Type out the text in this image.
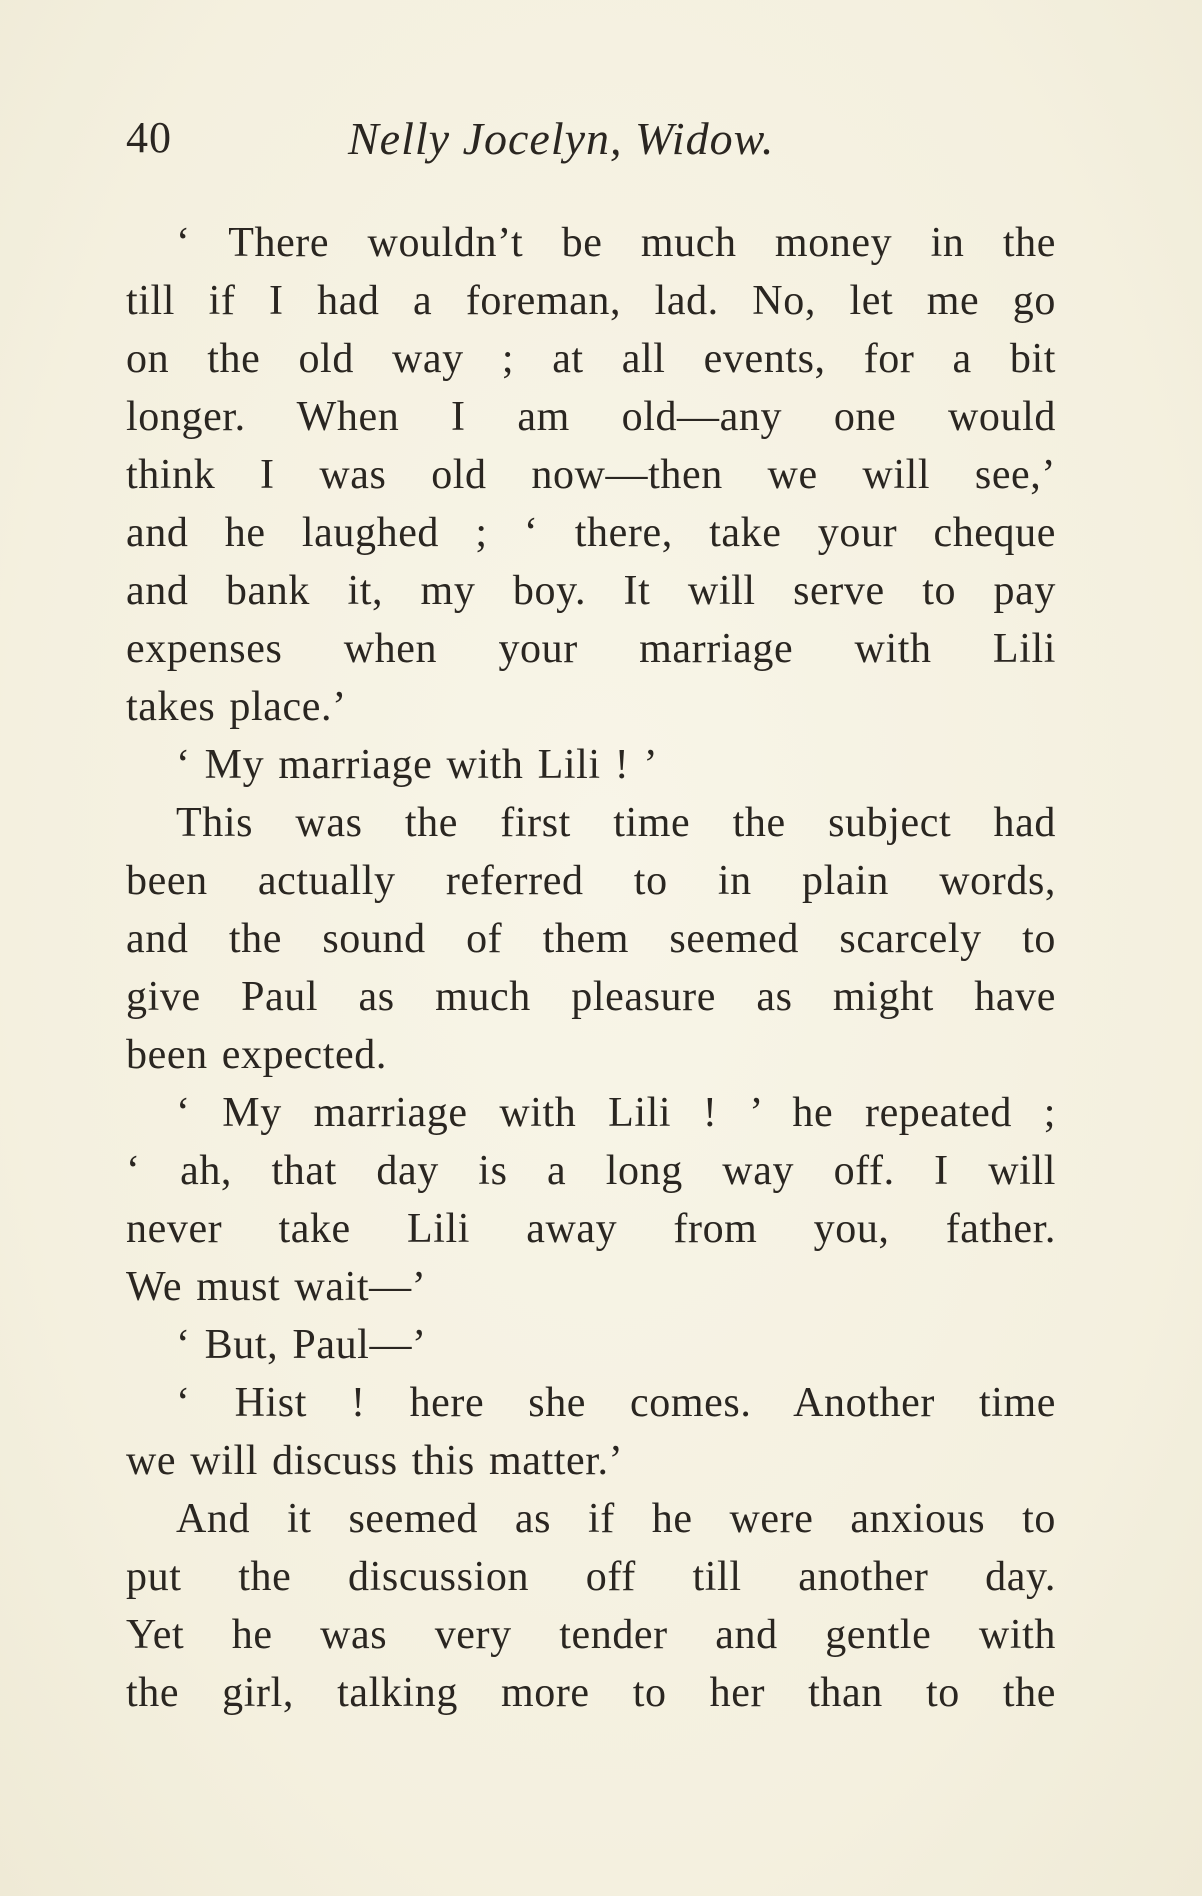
40	Nelly Jocelyn, Widow.
‘ There wouldn’t be much money in the
till if I had a foreman, lad. No, let me go
on the old way ; at all events, for a bit
longer. When I am old—any one would
think I was old now—then we will see,’
and he laughed ; ‘ there, take your cheque
and bank it, my boy. It will serve to pay
expenses when your marriage with Lili
takes place.’
‘ My marriage with Lili ! ’
This was the first time the subject had
been actually referred to in plain words,
and the sound of them seemed scarcely to
give Paul as much pleasure as might have
been expected.
‘ My marriage with Lili ! ’ he repeated ;
‘ ah, that day is a long way off. I will
never take Lili away from you, father.
We must wait—’
‘ But, Paul—’
‘ Hist ! here she comes. Another time
we will discuss this matter.’
And it seemed as if he were anxious to
put the discussion off till another day.
Yet he was very tender and gentle with
the girl, talking more to her than to the
